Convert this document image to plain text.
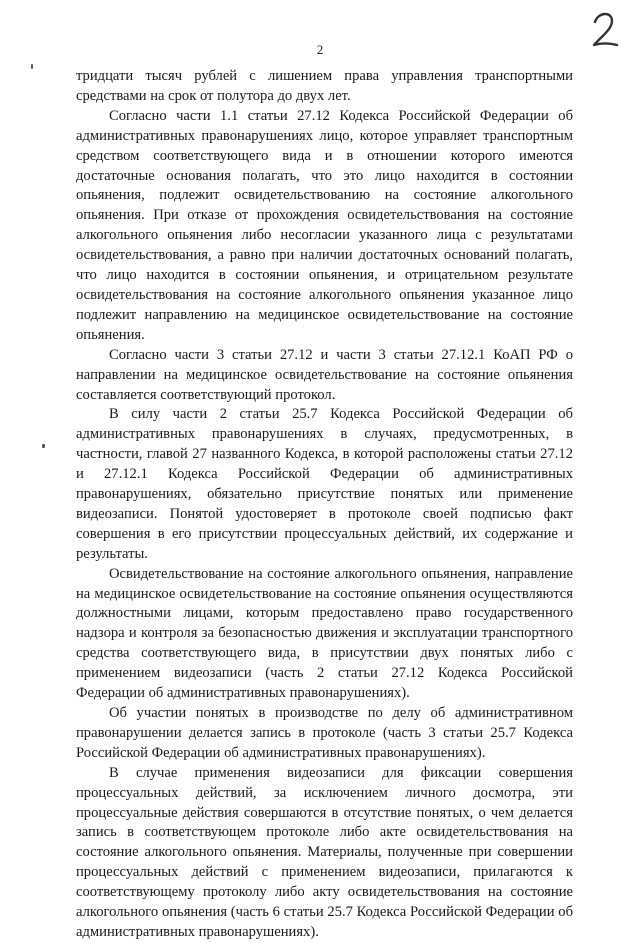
2

тридцати тысяч рублей с лишением права управления транспортными средствами на срок от полутора до двух лет.

Согласно части 1.1 статьи 27.12 Кодекса Российской Федерации об административных правонарушениях лицо, которое управляет транспортным средством соответствующего вида и в отношении которого имеются достаточные основания полагать, что это лицо находится в состоянии опьянения, подлежит освидетельствованию на состояние алкогольного опьянения. При отказе от прохождения освидетельствования на состояние алкогольного опьянения либо несогласии указанного лица с результатами освидетельствования, а равно при наличии достаточных оснований полагать, что лицо находится в состоянии опьянения, и отрицательном результате освидетельствования на состояние алкогольного опьянения указанное лицо подлежит направлению на медицинское освидетельствование на состояние опьянения.

Согласно части 3 статьи 27.12 и части 3 статьи 27.12.1 КоАП РФ о направлении на медицинское освидетельствование на состояние опьянения составляется соответствующий протокол.

В силу части 2 статьи 25.7 Кодекса Российской Федерации об административных правонарушениях в случаях, предусмотренных, в частности, главой 27 названного Кодекса, в которой расположены статьи 27.12 и 27.12.1 Кодекса Российской Федерации об административных правонарушениях, обязательно присутствие понятых или применение видеозаписи. Понятой удостоверяет в протоколе своей подписью факт совершения в его присутствии процессуальных действий, их содержание и результаты.

Освидетельствование на состояние алкогольного опьянения, направление на медицинское освидетельствование на состояние опьянения осуществляются должностными лицами, которым предоставлено право государственного надзора и контроля за безопасностью движения и эксплуатации транспортного средства соответствующего вида, в присутствии двух понятых либо с применением видеозаписи (часть 2 статьи 27.12 Кодекса Российской Федерации об административных правонарушениях).

Об участии понятых в производстве по делу об административном правонарушении делается запись в протоколе (часть 3 статьи 25.7 Кодекса Российской Федерации об административных правонарушениях).

В случае применения видеозаписи для фиксации совершения процессуальных действий, за исключением личного досмотра, эти процессуальные действия совершаются в отсутствие понятых, о чем делается запись в соответствующем протоколе либо акте освидетельствования на состояние алкогольного опьянения. Материалы, полученные при совершении процессуальных действий с применением видеозаписи, прилагаются к соответствующему протоколу либо акту освидетельствования на состояние алкогольного опьянения (часть 6 статьи 25.7 Кодекса Российской Федерации об административных правонарушениях).
